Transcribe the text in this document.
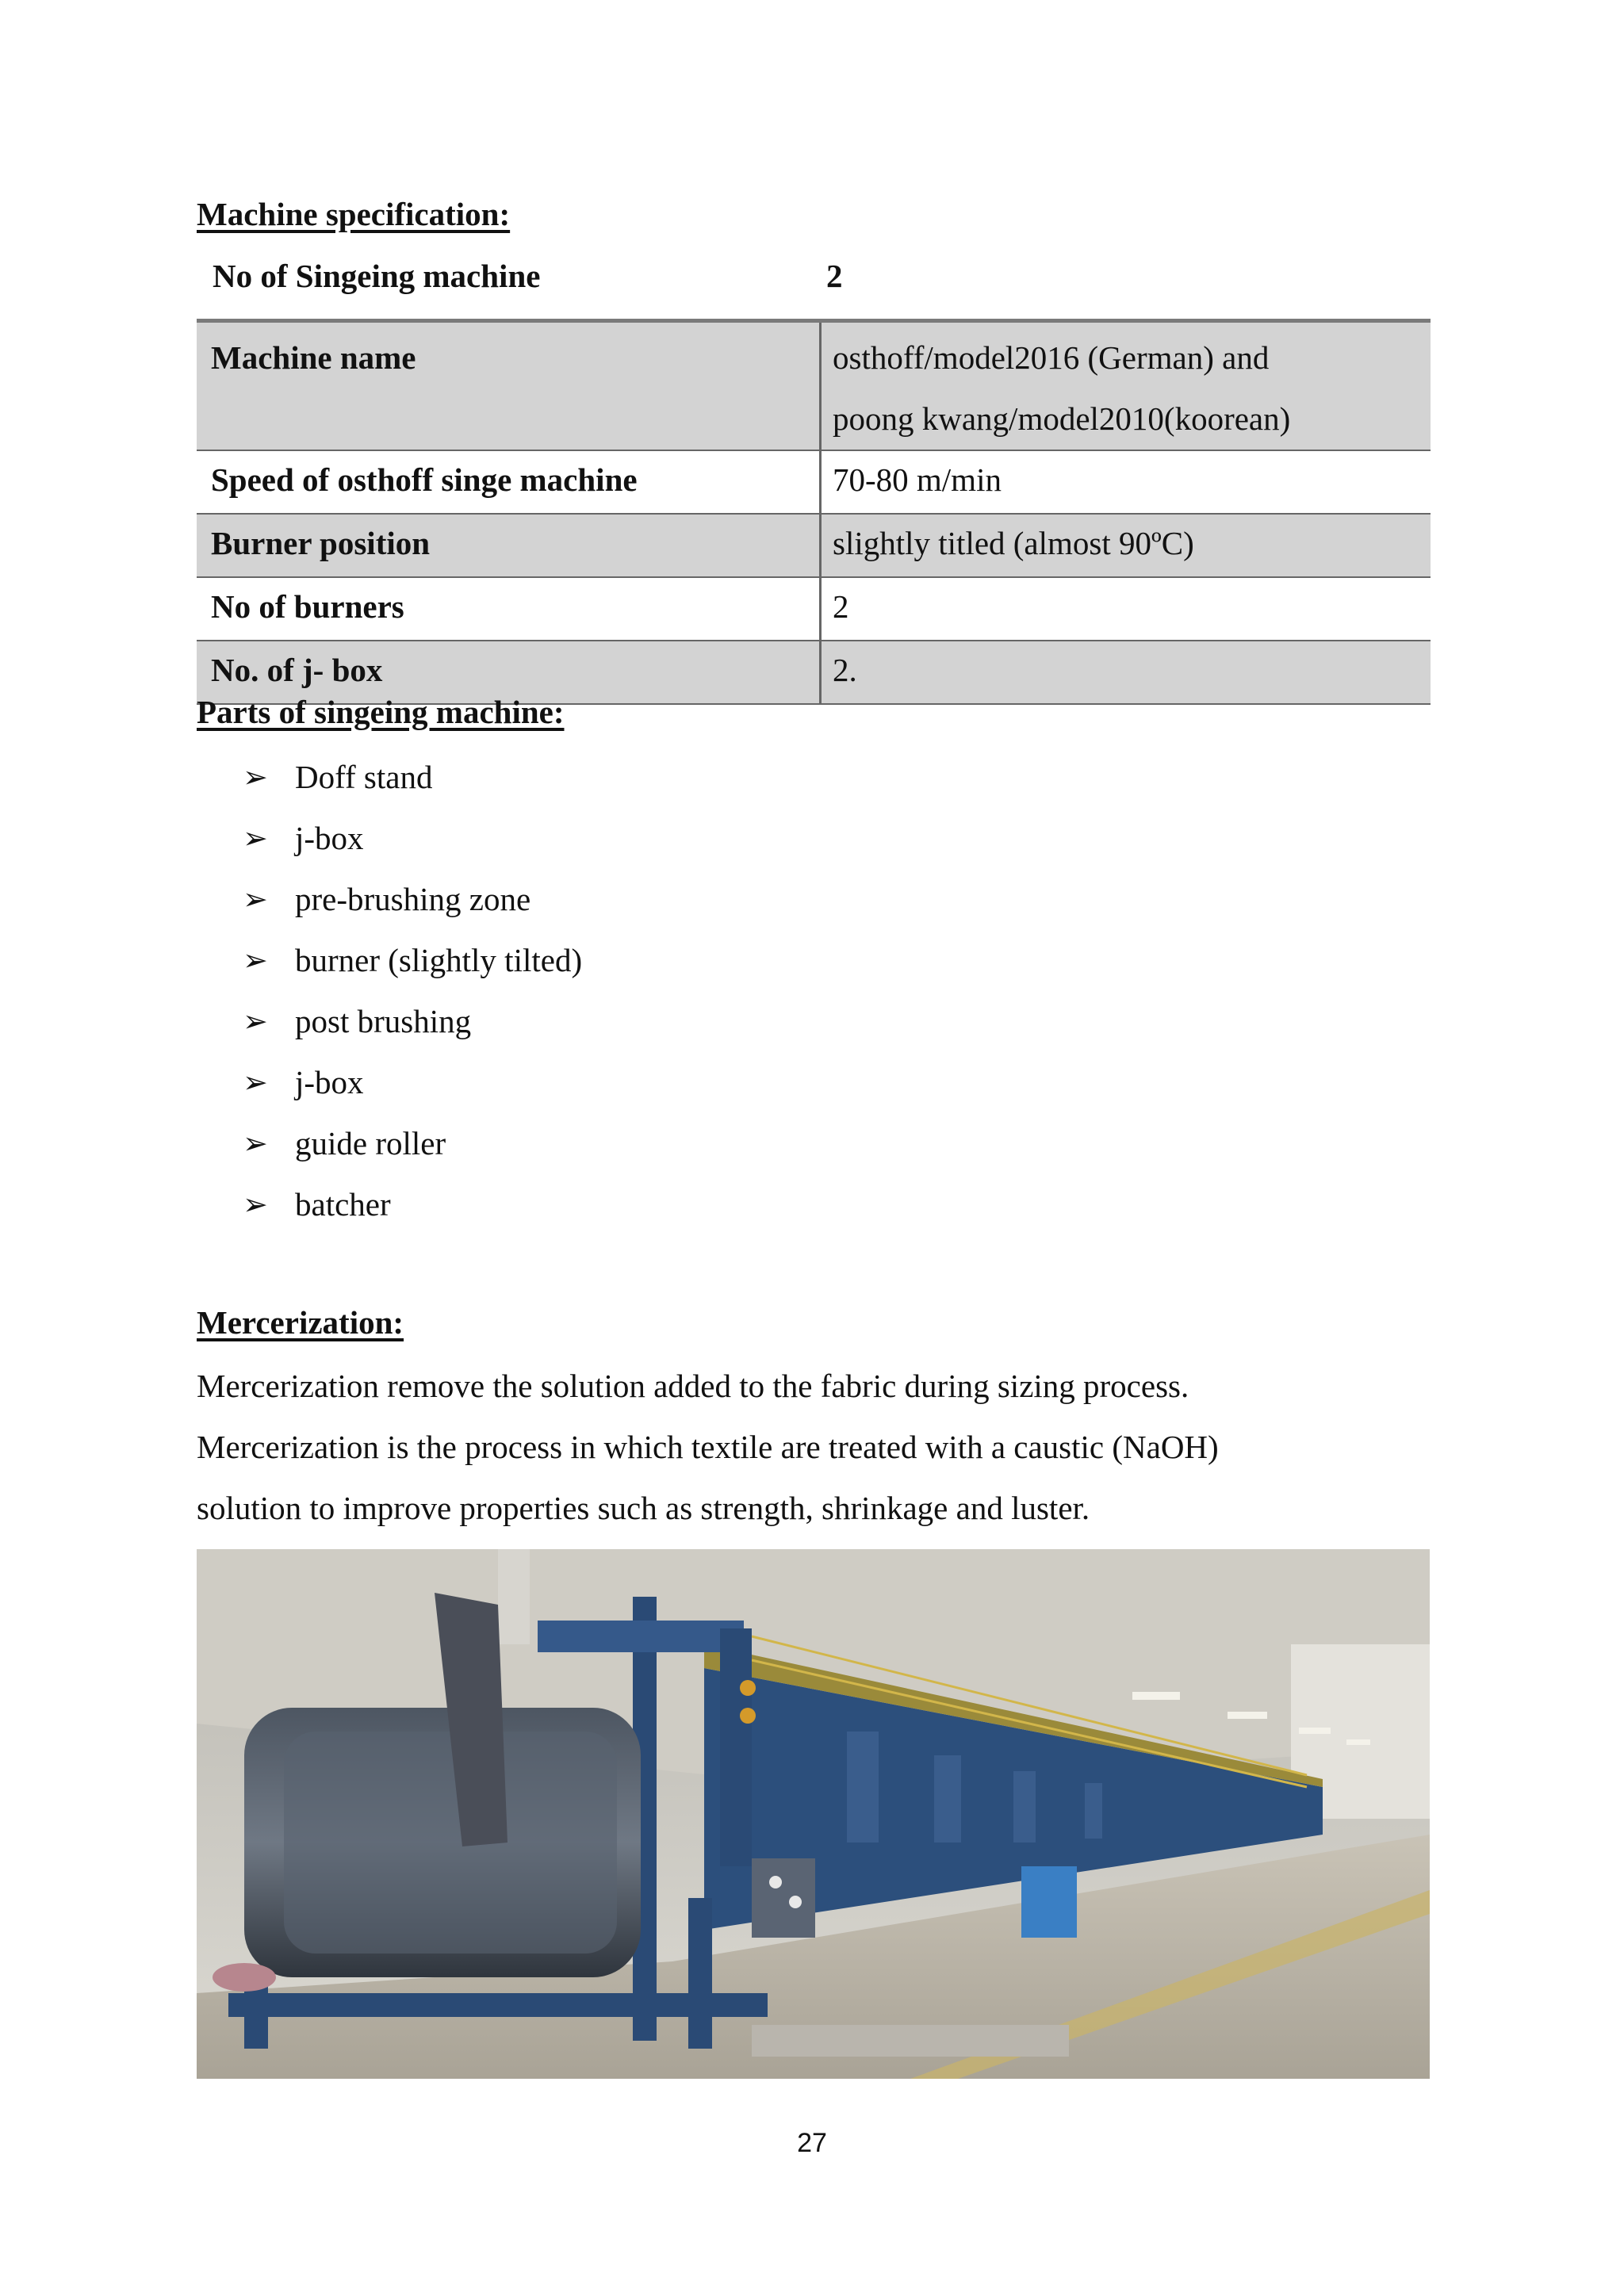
Machine specification:
No of Singeing machine	2
Machine name	osthoff/model2016 (German) and
poong kwang/model2010(koorean)

Speed of osthoff singe machine	70-80 m/min
Burner position	slightly titled (almost 90ºC)
No of burners	2
No. of j- box	2.
Parts of singeing machine:
➢ Doff stand
➢ j-box
➢ pre-brushing zone
➢ burner (slightly tilted)
➢ post brushing
➢ j-box
➢ guide roller
➢ batcher
Mercerization:

Mercerization remove the solution added to the fabric during sizing process.

Mercerization is the process in which textile are treated with a caustic (NaOH)

solution to improve properties such as strength, shrinkage and luster.

27
